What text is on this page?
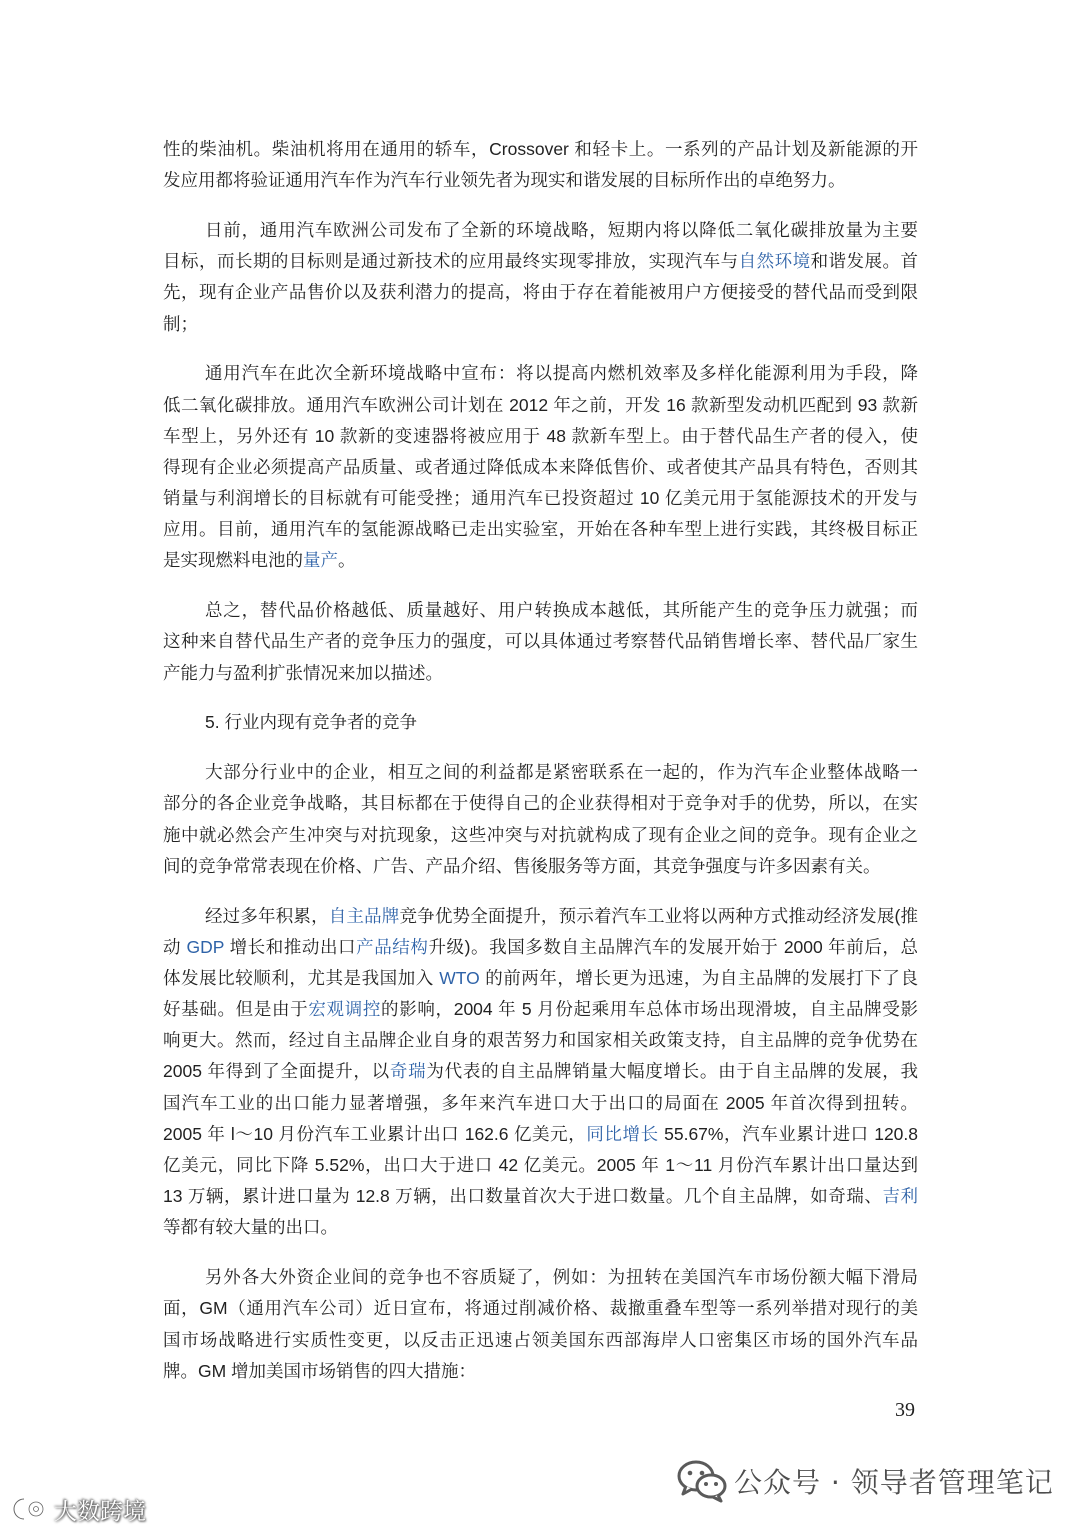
性的柴油机。柴油机将用在通用的轿车，Crossover 和轻卡上。一系列的产品计划及新能源的开
发应用都将验证通用汽车作为汽车行业领先者为现实和谐发展的目标所作出的卓绝努力。
日前，通用汽车欧洲公司发布了全新的环境战略，短期内将以降低二氧化碳排放量为主要
目标，而长期的目标则是通过新技术的应用最终实现零排放，实现汽车与自然环境和谐发展。首
先，现有企业产品售价以及获利潜力的提高，将由于存在着能被用户方便接受的替代品而受到限
制；
通用汽车在此次全新环境战略中宣布：将以提高内燃机效率及多样化能源利用为手段，降
低二氧化碳排放。通用汽车欧洲公司计划在 2012 年之前，开发 16 款新型发动机匹配到 93 款新
车型上，另外还有 10 款新的变速器将被应用于 48 款新车型上。由于替代品生产者的侵入，使
得现有企业必须提高产品质量、或者通过降低成本来降低售价、或者使其产品具有特色，否则其
销量与利润增长的目标就有可能受挫；通用汽车已投资超过 10 亿美元用于氢能源技术的开发与
应用。目前，通用汽车的氢能源战略已走出实验室，开始在各种车型上进行实践，其终极目标正
是实现燃料电池的量产。
总之，替代品价格越低、质量越好、用户转换成本越低，其所能产生的竞争压力就强；而
这种来自替代品生产者的竞争压力的强度，可以具体通过考察替代品销售增长率、替代品厂家生
产能力与盈利扩张情况来加以描述。
5. 行业内现有竞争者的竞争
大部分行业中的企业，相互之间的利益都是紧密联系在一起的，作为汽车企业整体战略一
部分的各企业竞争战略，其目标都在于使得自己的企业获得相对于竞争对手的优势，所以，在实
施中就必然会产生冲突与对抗现象，这些冲突与对抗就构成了现有企业之间的竞争。现有企业之
间的竞争常常表现在价格、广告、产品介绍、售後服务等方面，其竞争强度与许多因素有关。
经过多年积累，自主品牌竞争优势全面提升，预示着汽车工业将以两种方式推动经济发展(推
动 GDP 增长和推动出口产品结构升级)。我国多数自主品牌汽车的发展开始于 2000 年前后，总
体发展比较顺利，尤其是我国加入 WTO 的前两年，增长更为迅速，为自主品牌的发展打下了良
好基础。但是由于宏观调控的影响，2004 年 5 月份起乘用车总体市场出现滑坡，自主品牌受影
响更大。然而，经过自主品牌企业自身的艰苦努力和国家相关政策支持，自主品牌的竞争优势在
2005 年得到了全面提升，以奇瑞为代表的自主品牌销量大幅度增长。由于自主品牌的发展，我
国汽车工业的出口能力显著增强，多年来汽车进口大于出口的局面在 2005 年首次得到扭转。
2005 年 l～10 月份汽车工业累计出口 162.6 亿美元，同比增长 55.67%，汽车业累计进口 120.8
亿美元，同比下降 5.52%，出口大于进口 42 亿美元。2005 年 1～11 月份汽车累计出口量达到
13 万辆，累计进口量为 12.8 万辆，出口数量首次大于进口数量。几个自主品牌，如奇瑞、吉利
等都有较大量的出口。
另外各大外资企业间的竞争也不容质疑了，例如：为扭转在美国汽车市场份额大幅下滑局
面，GM（通用汽车公司）近日宣布，将通过削减价格、裁撤重叠车型等一系列举措对现行的美
国市场战略进行实质性变更，以反击正迅速占领美国东西部海岸人口密集区市场的国外汽车品
牌。GM 增加美国市场销售的四大措施：
39
公众号 · 领导者管理笔记
大数跨境
